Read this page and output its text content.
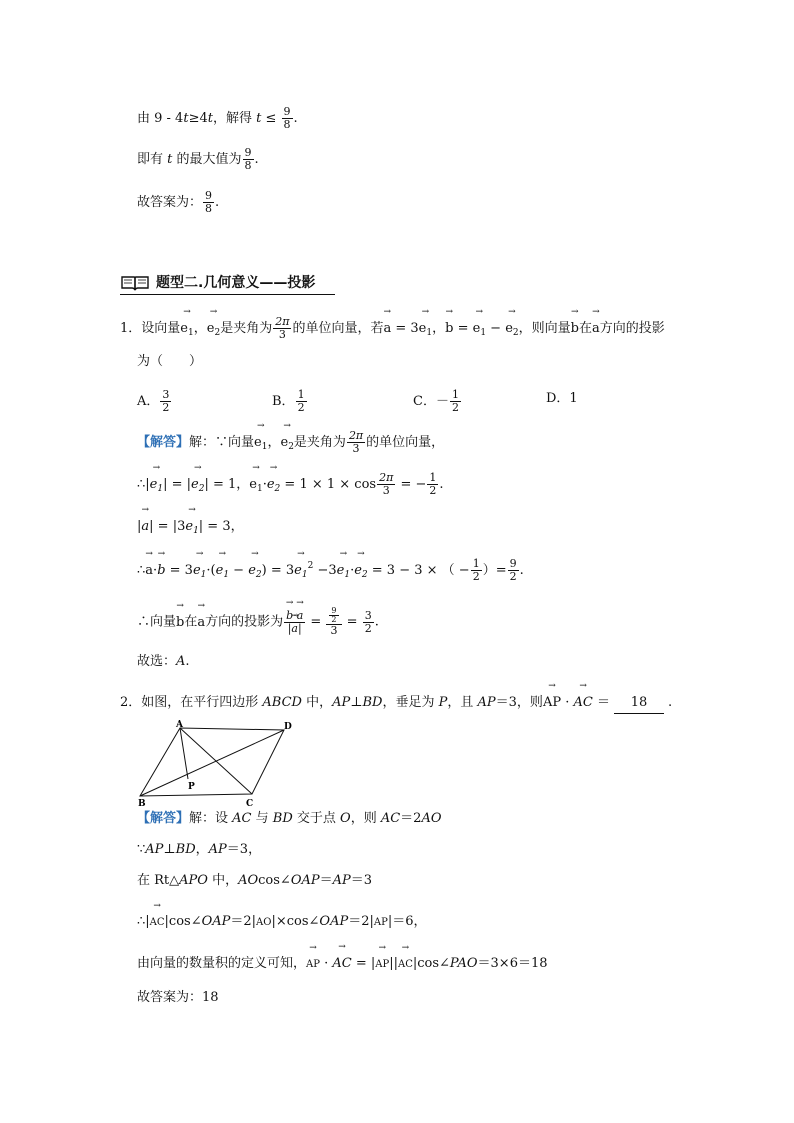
由 9 - 4t≥4t，解得 $t \le \frac{9}{8}$ .
即有 t 的最大值为 $\frac{9}{8}$ .
故答案为： $\frac{9}{8}$ .
题型二.几何意义——投影
1．设向量→ $e_1$，→ $e_2$是夹角为 $\frac{2\pi}{3}$ 的单位向量，若→ $a = 3\to e_1$，→ b = → $e_1$ − → $e_2$，则向量→ b在→ a方向的投影
为（　　）
A． $\frac{3}{2}$	B． $\frac{1}{2}$	C．－ $\frac{1}{2}$	D．1
【解答】解：∵向量→ $e_1$，→ $e_2$是夹角为 $\frac{2\pi}{3}$ 的单位向量，
∴|→ $e_1|$ = |→ $e_2| = 1$，→ $e_1\cdot\to e_2 = 1 \times 1 \times \cos \frac{2\pi}{3}$ = − $\frac{1}{2}$ .
|→ $a| = |3\to e_1| = 3$，
∴→ $a\cdot\to b = 3\to e_1\cdot(\to e_1$ − → $e_2) = 3\to e_1^2 -3\to e_1\cdot\to e_2 = 3 - 3$ × （ − $\frac{1}{2}$ ）= $\frac{9}{2}$ .
∴向量→ b在→ a方向的投影为
→ $\frac{b\cdot\to a}{|\to a|} = \frac{\frac{9}{2}}{3} = \frac{3}{2}$ .
故选：A.
2．如图，在平行四边形 ABCD 中，AP⊥BD，垂足为 P，且 AP＝3，则→ AP · → AC ＝ 18 .
A	D
P
B	C
【解答】解：设 AC 与 BD 交于点 O，则 AC＝2AO
∵AP⊥BD，AP＝3，
在 Rt△APO 中，AOcos∠OAP＝AP＝3
∴|→ AC|cos∠OAP＝2|AO|×cos∠OAP＝2|AP|＝6，
由向量的数量积的定义可知，→ AP · → AC = |→ AP||→ AC|cos∠PAO＝3×6＝18
故答案为：18
